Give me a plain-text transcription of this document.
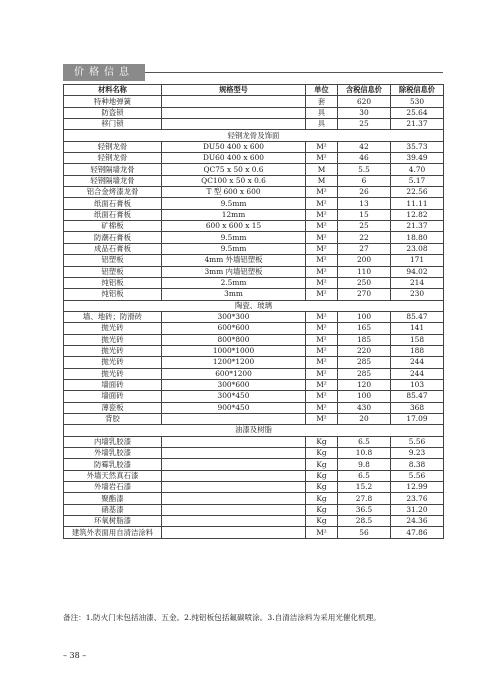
价格信息
材料名称	规格型号	单位	含税信息价	除税信息价
特种地弹簧		套	620	530
防盗锁		具	30	25.64
移门锁		具	25	21.37
轻钢龙骨及饰面				
轻钢龙骨	DU50 400 x 600	M²	42	35.73
轻钢龙骨	DU60 400 x 600	M²	46	39.49
轻钢隔墙龙骨	QC75 x 50 x 0.6	M	5.5	4.70
轻钢隔墙龙骨	QC100 x 50 x 0.6	M	6	5.17
铝合金烤漆龙骨	T 型 600 x 600	M²	26	22.56
纸面石膏板	9.5mm	M²	13	11.11
纸面石膏板	12mm	M²	15	12.82
矿棉板	600 x 600 x 15	M²	25	21.37
防潮石膏板	9.5mm	M²	22	18.80
成品石膏板	9.5mm	M²	27	23.08
铝塑板	4mm 外墙铝塑板	M²	200	171
铝塑板	3mm 内墙铝塑板	M²	110	94.02
纯铝板	2.5mm	M²	250	214
纯铝板	3mm	M²	270	230
陶瓷、玻璃				
墙、地砖；防滑砖	300*300	M²	100	85.47
抛光砖	600*600	M²	165	141
抛光砖	800*800	M²	185	158
抛光砖	1000*1000	M²	220	188
抛光砖	1200*1200	M²	285	244
抛光砖	600*1200	M²	285	244
墙面砖	300*600	M²	120	103
墙面砖	300*450	M²	100	85.47
薄瓷板	900*450	M²	430	368
背胶		M²	20	17.09
油漆及树脂				
内墙乳胶漆		Kg	6.5	5.56
外墙乳胶漆		Kg	10.8	9.23
防霉乳胶漆		Kg	9.8	8.38
外墙天然真石漆		Kg	6.5	5.56
外墙岩石漆		Kg	15.2	12.99
聚酯漆		Kg	27.8	23.76
硝基漆		Kg	36.5	31.20
环氧树脂漆		Kg	28.5	24.36
建筑外表面用自清洁涂料		M²	56	47.86
备注：1.防火门未包括油漆、五金。2.纯铝板包括氟碳喷涂。3.自清洁涂料为采用光催化机理。
– 38 –
